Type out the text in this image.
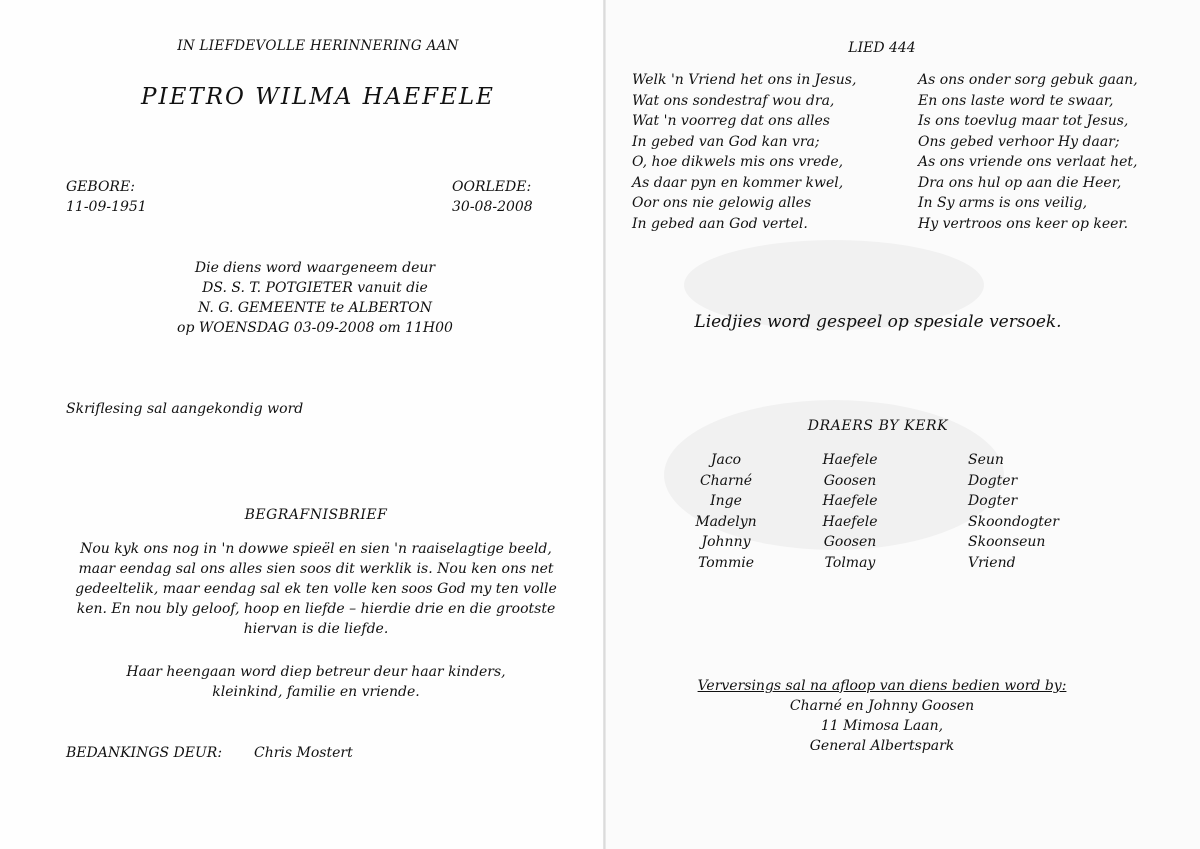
IN LIEFDEVOLLE HERINNERING AAN
PIETRO WILMA HAEFELE
GEBORE:
11-09-1951
OORLEDE:
30-08-2008
Die diens word waargeneem deur
DS. S. T. POTGIETER vanuit die
N. G. GEMEENTE te ALBERTON
op WOENSDAG 03-09-2008 om 11H00
Skriflesing sal aangekondig word
BEGRAFNISBRIEF
Nou kyk ons nog in 'n dowwe spieël en sien 'n raaiselagtige beeld,
maar eendag sal ons alles sien soos dit werklik is. Nou ken ons net
gedeeltelik, maar eendag sal ek ten volle ken soos God my ten volle
ken. En nou bly geloof, hoop en liefde – hierdie drie en die grootste
hiervan is die liefde.
Haar heengaan word diep betreur deur haar kinders,
kleinkind, familie en vriende.
BEDANKINGS DEUR: Chris Mostert
LIED 444
Welk 'n Vriend het ons in Jesus,
Wat ons sondestraf wou dra,
Wat 'n voorreg dat ons alles
In gebed van God kan vra;
O, hoe dikwels mis ons vrede,
As daar pyn en kommer kwel,
Oor ons nie gelowig alles
In gebed aan God vertel.
As ons onder sorg gebuk gaan,
En ons laste word te swaar,
Is ons toevlug maar tot Jesus,
Ons gebed verhoor Hy daar;
As ons vriende ons verlaat het,
Dra ons hul op aan die Heer,
In Sy arms is ons veilig,
Hy vertroos ons keer op keer.
Liedjies word gespeel op spesiale versoek.
DRAERS BY KERK
Jaco
Charné
Inge
Madelyn
Johnny
Tommie
Haefele
Goosen
Haefele
Haefele
Goosen
Tolmay
Seun
Dogter
Dogter
Skoondogter
Skoonseun
Vriend
Verversings sal na afloop van diens bedien word by:
Charné en Johnny Goosen
11 Mimosa Laan,
General Albertspark
